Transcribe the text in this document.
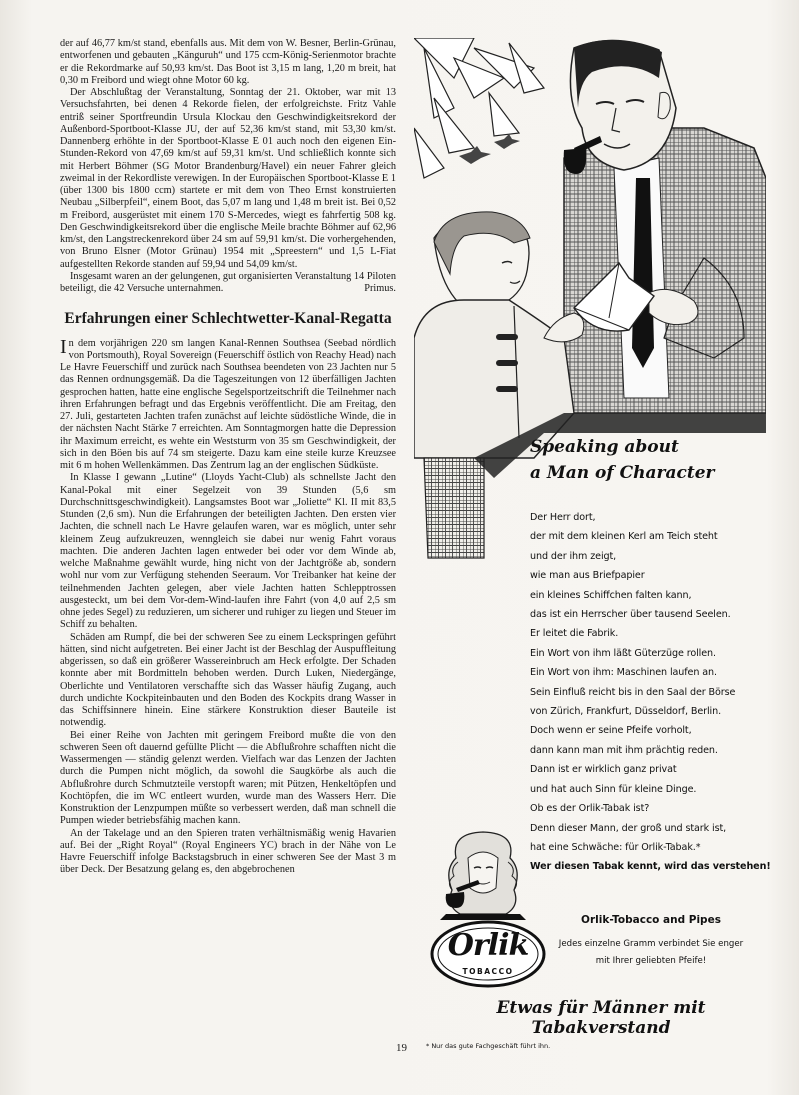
der auf 46,77 km/st stand, ebenfalls aus. Mit dem von W. Besner, Berlin-Grünau, entworfenen und gebauten „Känguruh“ und 175 ccm-König-Serienmotor brachte er die Rekordmarke auf 50,93 km/st. Das Boot ist 3,15 m lang, 1,20 m breit, hat 0,30 m Freibord und wiegt ohne Motor 60 kg.

Der Abschlußtag der Veranstaltung, Sonntag der 21. Oktober, war mit 13 Versuchsfahrten, bei denen 4 Rekorde fielen, der erfolgreichste. Fritz Vahle entriß seiner Sportfreundin Ursula Klockau den Geschwindigkeitsrekord der Außenbord-Sportboot-Klasse JU, der auf 52,36 km/st stand, mit 53,30 km/st. Dannenberg erhöhte in der Sportboot-Klasse E 01 auch noch den eigenen Ein-Stunden-Rekord von 47,69 km/st auf 59,31 km/st. Und schließlich konnte sich mit Herbert Böhmer (SG Motor Brandenburg/Havel) ein neuer Fahrer gleich zweimal in der Rekordliste verewigen. In der Europäischen Sportboot-Klasse E 1 (über 1300 bis 1800 ccm) startete er mit dem von Theo Ernst konstruierten Neubau „Silberpfeil“, einem Boot, das 5,07 m lang und 1,48 m breit ist. Bei 0,52 m Freibord, ausgerüstet mit einem 170 S-Mercedes, wiegt es fahrfertig 508 kg. Den Geschwindigkeitsrekord über die englische Meile brachte Böhmer auf 62,96 km/st, den Langstreckenrekord über 24 sm auf 59,91 km/st. Die vorhergehenden, von Bruno Elsner (Motor Grünau) 1954 mit „Spreestern“ und 1,5 L-Fiat aufgestellten Rekorde standen auf 59,94 und 54,09 km/st.

Insgesamt waren an der gelungenen, gut organisierten Veranstaltung 14 Piloten beteiligt, die 42 Versuche unternahmen.	Primus.
Erfahrungen einer Schlechtwetter-Kanal-Regatta

In dem vorjährigen 220 sm langen Kanal-Rennen Southsea (Seebad nördlich von Portsmouth), Royal Sovereign (Feuerschiff östlich von Reachy Head) nach Le Havre Feuerschiff und zurück nach Southsea beendeten von 23 Jachten nur 5 das Rennen ordnungsgemäß. Da die Tageszeitungen von 12 überfälligen Jachten gesprochen hatten, hatte eine englische Segelsportzeitschrift die Teilnehmer nach ihren Erfahrungen befragt und das Ergebnis veröffentlicht. Die am Freitag, den 27. Juli, gestarteten Jachten trafen zunächst auf leichte südöstliche Winde, die in der nächsten Nacht Stärke 7 erreichten. Am Sonntagmorgen hatte die Depression ihr Maximum erreicht, es wehte ein Weststurm von 35 sm Geschwindigkeit, der sich in den Böen bis auf 74 sm steigerte. Dazu kam eine steile kurze Kreuzsee mit 6 m hohen Wellenkämmen. Das Zentrum lag an der englischen Südküste.

In Klasse I gewann „Lutine“ (Lloyds Yacht-Club) als schnellste Jacht den Kanal-Pokal mit einer Segelzeit von 39 Stunden (5,6 sm Durchschnittsgeschwindigkeit). Langsamstes Boot war „Joliette“ Kl. II mit 83,5 Stunden (2,6 sm). Nun die Erfahrungen der beteiligten Jachten. Den ersten vier Jachten, die schnell nach Le Havre gelaufen waren, war es möglich, unter sehr kleinem Zeug aufzukreuzen, wenngleich sie dabei nur wenig Fahrt voraus machten. Die anderen Jachten lagen entweder bei oder vor dem Winde ab, welche Maßnahme gewählt wurde, hing nicht von der Jachtgröße ab, sondern wohl nur vom zur Verfügung stehenden Seeraum. Vor Treibanker hat keine der teilnehmenden Jachten gelegen, aber viele Jachten hatten Schlepptrossen ausgesteckt, um bei dem Vor-dem-Wind-laufen ihre Fahrt (von 4,0 auf 2,5 sm ohne jedes Segel) zu reduzieren, um sicherer und ruhiger zu liegen und Steuer im Schiff zu behalten.

Schäden am Rumpf, die bei der schweren See zu einem Leckspringen geführt hätten, sind nicht aufgetreten. Bei einer Jacht ist der Beschlag der Auspuffleitung abgerissen, so daß ein größerer Wassereinbruch am Heck erfolgte. Der Schaden konnte aber mit Bordmitteln behoben werden. Durch Luken, Niedergänge, Oberlichte und Ventilatoren verschaffte sich das Wasser häufig Zugang, auch durch undichte Kockpiteinbauten und den Boden des Kockpits drang Wasser in das Schiffsinnere hinein. Eine stärkere Konstruktion dieser Bauteile ist notwendig.

Bei einer Reihe von Jachten mit geringem Freibord mußte die von den schweren Seen oft dauernd gefüllte Plicht — die Abflußrohre schafften nicht die Wassermengen — ständig gelenzt werden. Vielfach war das Lenzen der Jachten durch die Pumpen nicht möglich, da sowohl die Saugkörbe als auch die Abflußrohre durch Schmutzteile verstopft waren; mit Pützen, Henkeltöpfen und Kochtöpfen, die im WC entleert wurden, wurde man des Wassers Herr. Die Konstruktion der Lenzpumpen müßte so verbessert werden, daß man schnell die Pumpen wieder betriebsfähig machen kann.

An der Takelage und an den Spieren traten verhältnismäßig wenig Havarien auf. Bei der „Right Royal“ (Royal Engineers YC) brach in der Nähe von Le Havre Feuerschiff infolge Backstagsbruch in einer schweren See der Mast 3 m über Deck. Der Besatzung gelang es, den abgebrochenen

19
Speaking about
a Man of Character
Der Herr dort,
der mit dem kleinen Kerl am Teich steht
und der ihm zeigt,
wie man aus Briefpapier
ein kleines Schiffchen falten kann,
das ist ein Herrscher über tausend Seelen.
Er leitet die Fabrik.
Ein Wort von ihm läßt Güterzüge rollen.
Ein Wort von ihm: Maschinen laufen an.
Sein Einfluß reicht bis in den Saal der Börse
von Zürich, Frankfurt, Düsseldorf, Berlin.
Doch wenn er seine Pfeife vorholt,
dann kann man mit ihm prächtig reden.
Dann ist er wirklich ganz privat
und hat auch Sinn für kleine Dinge.
Ob es der Orlik-Tabak ist?
Denn dieser Mann, der groß und stark ist,
hat eine Schwäche: für Orlik-Tabak.*
Wer diesen Tabak kennt, wird das verstehen!
Orlik
TOBACCO
Orlik-Tobacco and Pipes
Jedes einzelne Gramm verbindet Sie enger
mit Ihrer geliebten Pfeife!
Etwas für Männer mit Tabakverstand
* Nur das gute Fachgeschäft führt ihn.
